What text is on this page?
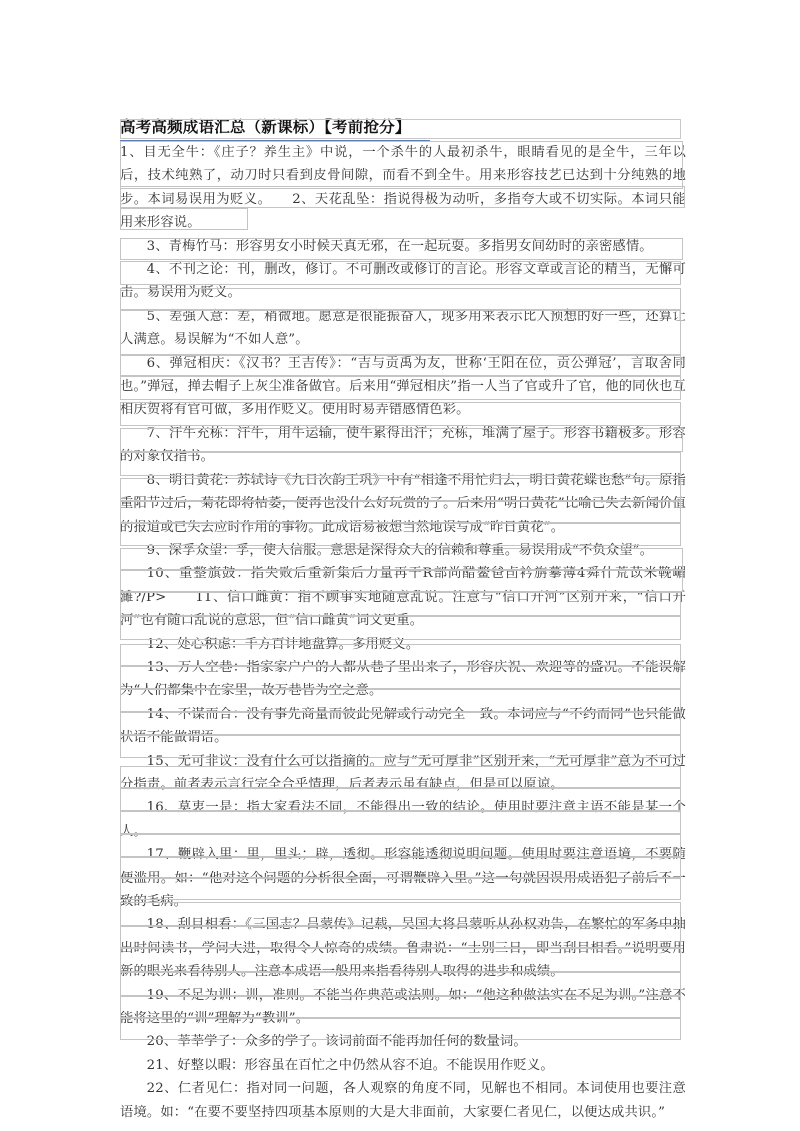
高考高频成语汇总（新课标）【考前抢分】

1、目无全牛：《庄子？养生主》中说，一个杀牛的人最初杀牛，眼睛看见的是全牛，三年以后，技术纯熟了，动刀时只看到皮骨间隙，而看不到全牛。用来形容技艺已达到十分纯熟的地步。本词易误用为贬义。　　2、天花乱坠：指说得极为动听，多指夸大或不切实际。本词只能用来形容说。

3、青梅竹马：形容男女小时候天真无邪，在一起玩耍。多指男女间幼时的亲密感情。

4、不刊之论：刊，删改，修订。不可删改或修订的言论。形容文章或言论的精当，无懈可击。易误用为贬义。

5、差强人意：差，稍微地。愿意是很能振奋人，现多用来表示比人预想的好一些，还算让人满意。易误解为“不如人意”。

6、弹冠相庆：《汉书？王吉传》：“吉与贡禹为友，世称‘王阳在位，贡公弹冠’，言取舍同也。”弹冠，掸去帽子上灰尘准备做官。后来用“弹冠相庆”指一人当了官或升了官，他的同伙也互相庆贺将有官可做，多用作贬义。使用时易弄错感情色彩。

7、汗牛充栋：汗牛，用牛运输，使牛累得出汗；充栋，堆满了屋子。形容书籍极多。形容的对象仅指书。

8、明日黄花：苏轼诗《九日次韵王巩》中有“相逢不用忙归去，明日黄花蝶也愁”句。原指重阳节过后，菊花即将枯萎，便再也没什么好玩赏的了。后来用“明日黄花”比喻已失去新闻价值的报道或已失去应时作用的事物。此成语易被想当然地误写成“昨日黄花”。

9、深孚众望：孚，使人信服。意思是深得众人的信赖和尊重。易误用成“不负众望”。

10、重整旗鼓：指失败后重新集后力量再干R部尚醋鳌爸卣衿旃摹薄4舜什荒苡米鞔嵋濉?/P>　　11、信口雌黄：指不顾事实地随意乱说。注意与“信口开河”区别开来，“信口开河”也有随口乱说的意思，但“信口雌黄”词义更重。

12、处心积虑：千方百计地盘算。多用贬义。

13、万人空巷：指家家户户的人都从巷子里出来了，形容庆祝、欢迎等的盛况。不能误解为“人们都集中在家里，故万巷皆为空之意。

14、不谋而合：没有事先商量而彼此见解或行动完全一致。本词应与“不约而同”也只能做状语不能做谓语。

15、无可非议：没有什么可以指摘的。应与“无可厚非”区别开来，“无可厚非”意为不可过分指责。前者表示言行完全合乎情理，后者表示虽有缺点，但是可以原谅。

16、莫衷一是：指大家看法不同，不能得出一致的结论。使用时要注意主语不能是某一个人。

17、鞭辟入里：里，里头；辟，透彻。形容能透彻说明问题。使用时要注意语境，不要随便滥用。如：“他对这个问题的分析很全面，可谓鞭辟入里。”这一句就因误用成语犯了前后不一致的毛病。

18、刮目相看：《三国志？吕蒙传》记载，吴国大将吕蒙听从孙权劝告，在繁忙的军务中抽出时间读书，学问大进，取得令人惊奇的成绩。鲁肃说：“士别三日，即当刮目相看。”说明要用新的眼光来看待别人。注意本成语一般用来指看待别人取得的进步和成绩。

19、不足为训：训，准则。不能当作典范或法则。如：“他这种做法实在不足为训。”注意不能将这里的“训”理解为“教训”。

20、莘莘学子：众多的学子。该词前面不能再加任何的数量词。

21、好整以暇：形容虽在百忙之中仍然从容不迫。不能误用作贬义。

22、仁者见仁：指对同一问题，各人观察的角度不同，见解也不相同。本词使用也要注意语境。如：“在要不要坚持四项基本原则的大是大非面前，大家要仁者见仁，以便达成共识。”
